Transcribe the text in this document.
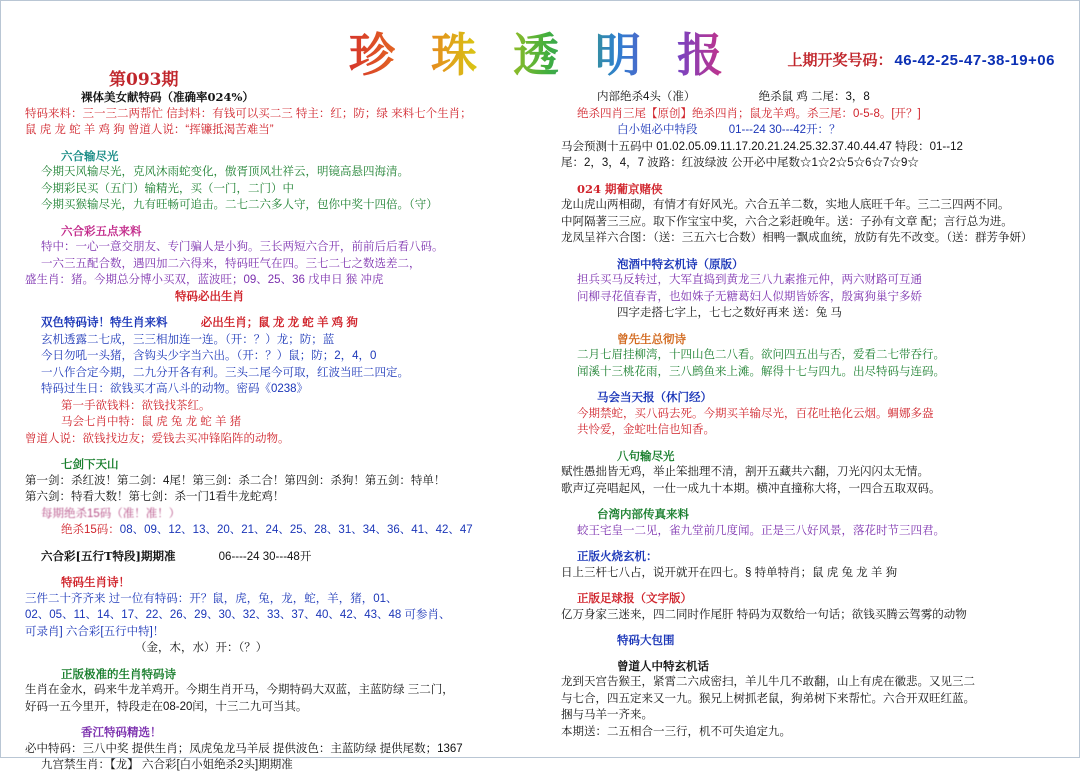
珍 珠 透 明 报
第093期
上期开奖号码： 46-42-25-47-38-19+06
裸体美女献特码（准确率024%）
特码来料：三一三二两帮忙 信封料：有钱可以买二三 特主：红；防；绿 来料七个生肖；
鼠 虎 龙 蛇 羊 鸡 狗 曾道人说：“挥镰抵渴苦难当”
六合输尽光
今期天风输尽光，克风沐雨蛇变化，傲胥顶风壮祥云，明镜高悬四海清。
今期彩民买（五门）输精光，买（一门，二门）中
今期买猴输尽光，九有旺畅可追击。二七二六多人守，包你中奖十四倍。（守）
六合彩五点来料
特中：一心一意交朋友、专门骗人是小狗。三长两短六合开，前前后后看八码。
一六三五配合数，遇四加二六得来，特码旺气在四。三七二七之数选差二，
盛生肖：猪。今期总分博小买双，蓝波旺；09、25、36 戊申日 猴 冲虎
特码必出生肖
双色特码诗！特生肖来料	必出生肖；鼠 龙 龙 蛇 羊 鸡 狗
玄机透露二七成，三三相加连一连。（开：？）龙；防；蓝
今日勿吼一头猪，含钩头少字当六出。（开：？）鼠；防；2，4，0
一八作合定今期，二九分开各有利。三头二尾今可取，红波当旺二四定。
特码过生日：欲钱买才高八斗的动物。密码《0238》
第一手欲钱料：欲钱找茶红。
马会七肖中特：鼠 虎 兔 龙 蛇 羊 猪
曾道人说：欲钱找边友；爱钱去买冲锋陷阵的动物。
七剑下天山
第一剑：杀红波！第二剑：4尾！第三剑：杀二合！第四剑：杀狗！第五剑：特单！
第六剑：特看大数！第七剑：杀一门1看牛龙蛇鸡！
每期绝杀15码（准！准！）
绝杀15码：08、09、12、13、20、21、24、25、28、31、34、36、41、42、47
六合彩[五行T特段]期期准	06----24 30---48开
特码生肖诗！
三件二十齐齐来 过一位有特码：开？鼠，虎，兔，龙，蛇，羊，猪，01、
02、05、11、14、17、22、26、29、30、32、33、37、40、42、43、48 可参肖、
可录肖] 六合彩[五行中特]！
（金，木，水）开：（？）
正版极准的生肖特码诗
生肖在金水，码来牛龙羊鸡开。今期生肖开马，今期特码大双蓝，主蓝防绿 三二门，
好码一五今里开，特段走在08-20闰，十三二九可当其。
香江特码精选！
必中特码：三八中奖 提供生肖；凤虎兔龙马羊辰 提供波色：主蓝防绿 提供尾数；1367
九宫禁生肖：【龙】 六合彩[白小姐绝杀2头]期期准
内部绝杀4头（准）	绝杀鼠 鸡 二尾：3，8
绝杀四肖三尾【原创】绝杀四肖；鼠龙羊鸡。杀三尾：0-5-8。[开？]
白小姐必中特段	01---24 30---42开：？
马会预测十五码中 01.02.05.09.11.17.20.21.24.25.32.37.40.44.47 特段：01--12
尾：2，3，4，7 波路：红波绿波 公开必中尾数☆1☆2☆5☆6☆7☆9☆
024 期葡京赌侠
龙山虎山两相砌，有情才有好风光。六合五羊二数，实地人底旺千年。三二三四两不同。
中阿隔著三三应。取下作宝宝中奖，六合之彩赶晚年。送：子孙有文章 配；言行总为进。
龙凤呈祥六合图：（送：三五六七合数）相鸭一飘成血统，放防有先不改变。（送：群芳争妍）
泡酒中特玄机诗（原版）
担兵买马反转过，大军直捣到黄龙三八九素推元仲，两六财路可互通
问柳寻花值春青，也如姝子无糖葛妇人似期皆娇客，殷寓狗巢宁多娇
四字走搭七字上，七七之数好再来 送：兔 马
曾先生总彻诗
二月七眉挂柳湾，十四山色二八看。欲问四五出与否，爱看二七带吞行。
闻溪十三桃花雨，三八鹧鱼来上滩。解得十七与四九。出尽特码与连码。
马会当天报（休门经）
今期禁蛇，买八码去死。今期买羊输尽光，百花吐艳化云烟。蜩娜多盎
共怜爱，金蛇吐信也知香。
八句输尽光
赋性愚拙皆无鸡，举止笨拙理不清，割开五藏共六翻，刀光闪闪太无情。
歌声辽亮唱起风，一仕一成九十本期。横冲直撞称大将，一四合五取双码。
台湾内部传真来料
蛟王宅皇一二见，雀九堂前几度闻。正是三八好风景，落花时节三四君。
正版火烧玄机：
日上三杆七八占，说开就开在四七。§ 特单特肖；鼠 虎 兔 龙 羊 狗
正版足球报（文字版）
亿万身家三迷来，四二同时作尾肝 特码为双数给一句话；欲钱买腾云驾雾的动物
特码大包围
曾道人中特玄机话
龙到天宫告猴王，紧霄二六成密扫，羊儿牛几不敢翻，山上有虎在徽悲。又见三二
与七合，四五定来又一九。猴兄上树抓老鼠，狗弟树下来帮忙。六合开双旺红蓝。
捆与马羊一齐来。
本期送：二五相合一三行，机不可失追定九。
